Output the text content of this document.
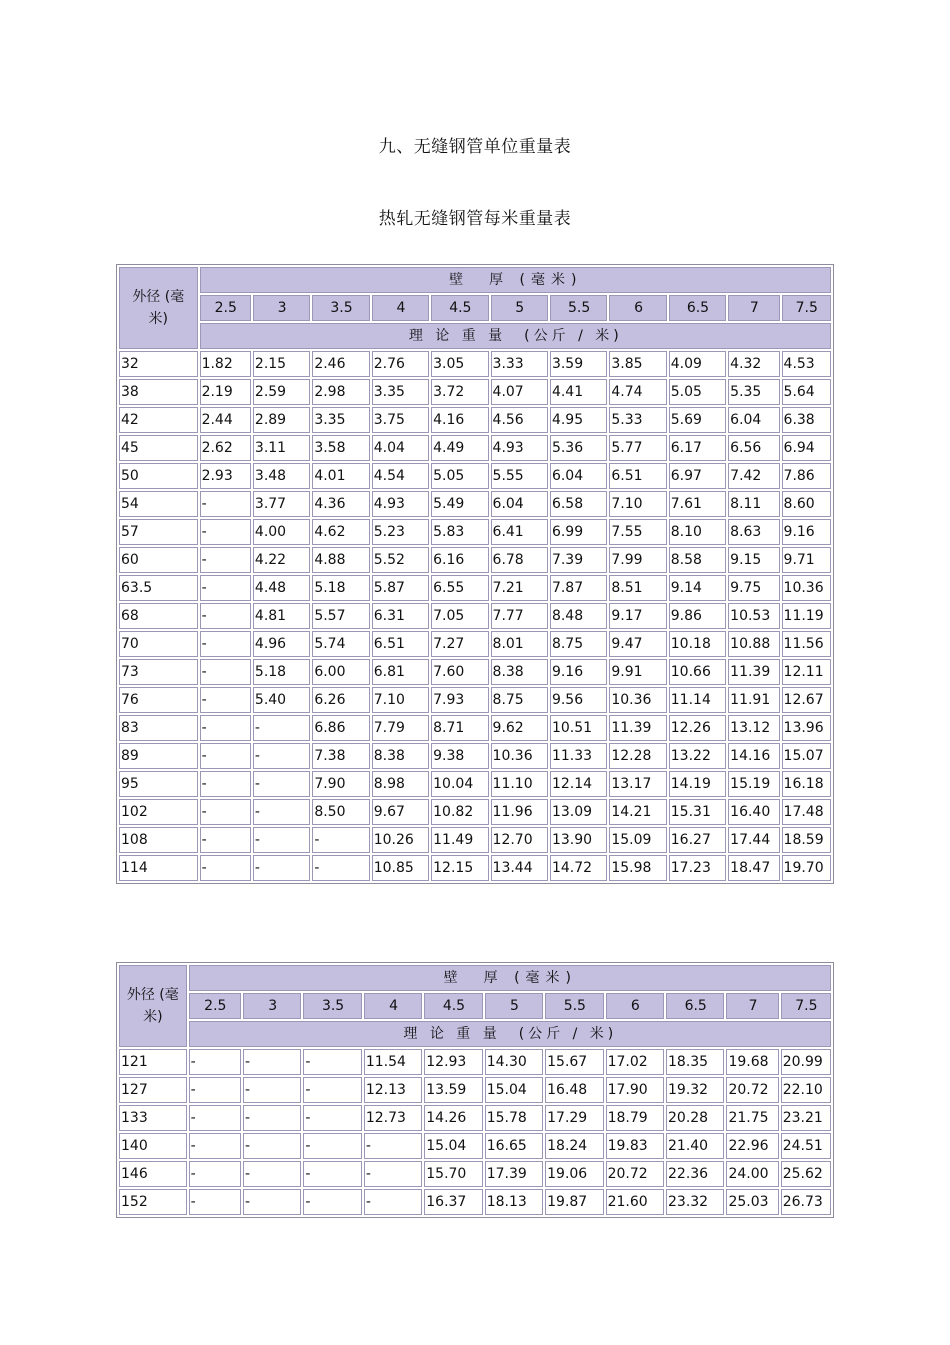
九、无缝钢管单位重量表
热轧无缝钢管每米重量表
外径 (毫米)	壁　厚 (毫米)										
	2.5	3	3.5	4	4.5	5	5.5	6	6.5	7	7.5
	理 论 重 量　(公斤 / 米)										
32	1.82	2.15	2.46	2.76	3.05	3.33	3.59	3.85	4.09	4.32	4.53
38	2.19	2.59	2.98	3.35	3.72	4.07	4.41	4.74	5.05	5.35	5.64
42	2.44	2.89	3.35	3.75	4.16	4.56	4.95	5.33	5.69	6.04	6.38
45	2.62	3.11	3.58	4.04	4.49	4.93	5.36	5.77	6.17	6.56	6.94
50	2.93	3.48	4.01	4.54	5.05	5.55	6.04	6.51	6.97	7.42	7.86
54	-	3.77	4.36	4.93	5.49	6.04	6.58	7.10	7.61	8.11	8.60
57	-	4.00	4.62	5.23	5.83	6.41	6.99	7.55	8.10	8.63	9.16
60	-	4.22	4.88	5.52	6.16	6.78	7.39	7.99	8.58	9.15	9.71
63.5	-	4.48	5.18	5.87	6.55	7.21	7.87	8.51	9.14	9.75	10.36
68	-	4.81	5.57	6.31	7.05	7.77	8.48	9.17	9.86	10.53	11.19
70	-	4.96	5.74	6.51	7.27	8.01	8.75	9.47	10.18	10.88	11.56
73	-	5.18	6.00	6.81	7.60	8.38	9.16	9.91	10.66	11.39	12.11
76	-	5.40	6.26	7.10	7.93	8.75	9.56	10.36	11.14	11.91	12.67
83	-	-	6.86	7.79	8.71	9.62	10.51	11.39	12.26	13.12	13.96
89	-	-	7.38	8.38	9.38	10.36	11.33	12.28	13.22	14.16	15.07
95	-	-	7.90	8.98	10.04	11.10	12.14	13.17	14.19	15.19	16.18
102	-	-	8.50	9.67	10.82	11.96	13.09	14.21	15.31	16.40	17.48
108	-	-	-	10.26	11.49	12.70	13.90	15.09	16.27	17.44	18.59
114	-	-	-	10.85	12.15	13.44	14.72	15.98	17.23	18.47	19.70
外径 (毫米)	壁　厚 (毫米)										
	2.5	3	3.5	4	4.5	5	5.5	6	6.5	7	7.5
	理 论 重 量　(公斤 / 米)										
121	-	-	-	11.54	12.93	14.30	15.67	17.02	18.35	19.68	20.99
127	-	-	-	12.13	13.59	15.04	16.48	17.90	19.32	20.72	22.10
133	-	-	-	12.73	14.26	15.78	17.29	18.79	20.28	21.75	23.21
140	-	-	-	-	15.04	16.65	18.24	19.83	21.40	22.96	24.51
146	-	-	-	-	15.70	17.39	19.06	20.72	22.36	24.00	25.62
152	-	-	-	-	16.37	18.13	19.87	21.60	23.32	25.03	26.73
